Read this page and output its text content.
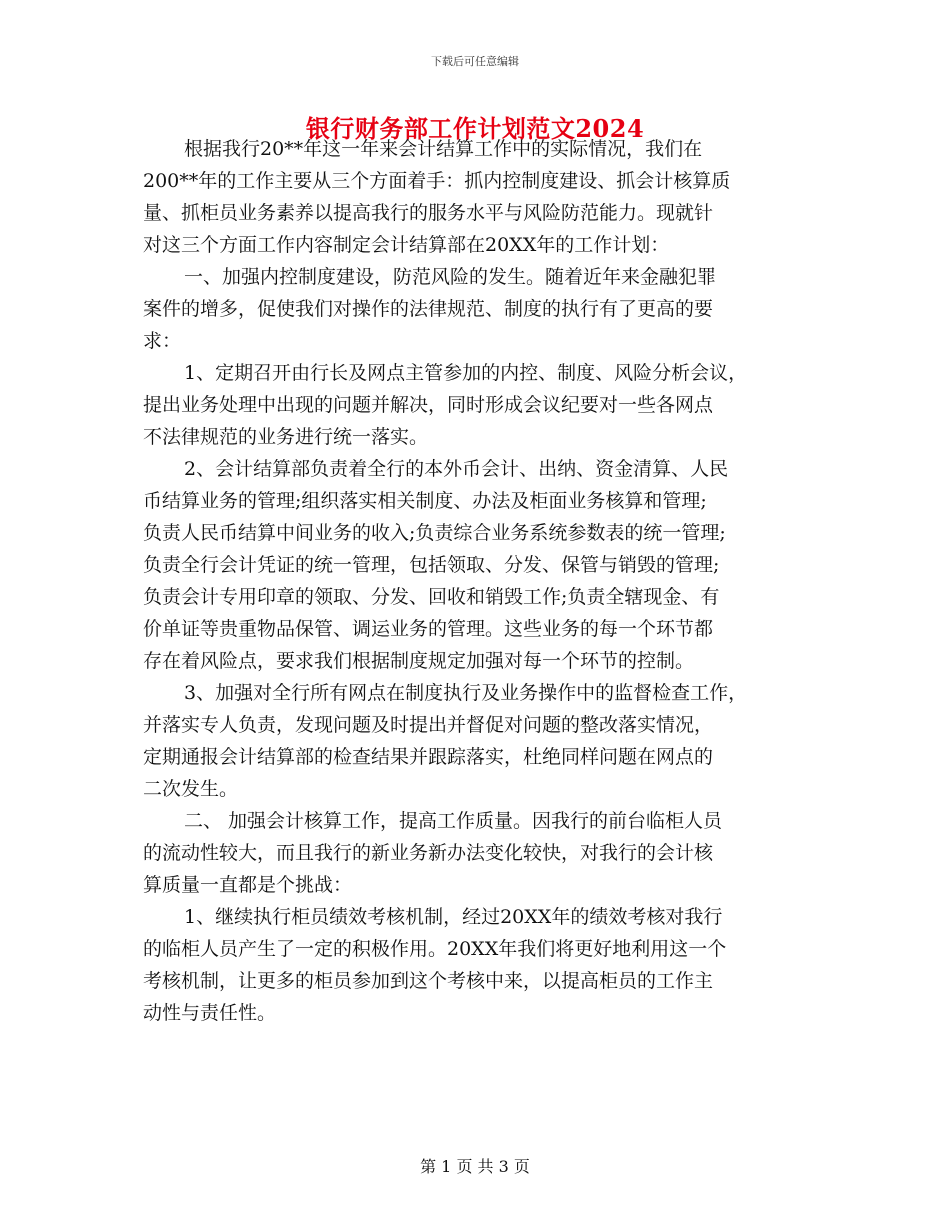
下载后可任意编辑
银行财务部工作计划范文2024
根据我行20**年这一年来会计结算工作中的实际情况，我们在
200**年的工作主要从三个方面着手：抓内控制度建设、抓会计核算质
量、抓柜员业务素养以提高我行的服务水平与风险防范能力。现就针
对这三个方面工作内容制定会计结算部在20XX年的工作计划：
一、加强内控制度建设，防范风险的发生。随着近年来金融犯罪
案件的增多，促使我们对操作的法律规范、制度的执行有了更高的要
求：
1、定期召开由行长及网点主管参加的内控、制度、风险分析会议，
提出业务处理中出现的问题并解决，同时形成会议纪要对一些各网点
不法律规范的业务进行统一落实。
2、会计结算部负责着全行的本外币会计、出纳、资金清算、人民
币结算业务的管理;组织落实相关制度、办法及柜面业务核算和管理;
负责人民币结算中间业务的收入;负责综合业务系统参数表的统一管理;
负责全行会计凭证的统一管理，包括领取、分发、保管与销毁的管理;
负责会计专用印章的领取、分发、回收和销毁工作;负责全辖现金、有
价单证等贵重物品保管、调运业务的管理。这些业务的每一个环节都
存在着风险点，要求我们根据制度规定加强对每一个环节的控制。
3、加强对全行所有网点在制度执行及业务操作中的监督检查工作，
并落实专人负责，发现问题及时提出并督促对问题的整改落实情况，
定期通报会计结算部的检查结果并跟踪落实，杜绝同样问题在网点的
二次发生。
二、 加强会计核算工作，提高工作质量。因我行的前台临柜人员
的流动性较大，而且我行的新业务新办法变化较快，对我行的会计核
算质量一直都是个挑战：
1、继续执行柜员绩效考核机制，经过20XX年的绩效考核对我行
的临柜人员产生了一定的积极作用。20XX年我们将更好地利用这一个
考核机制，让更多的柜员参加到这个考核中来，以提高柜员的工作主
动性与责任性。
第 1 页 共 3 页
